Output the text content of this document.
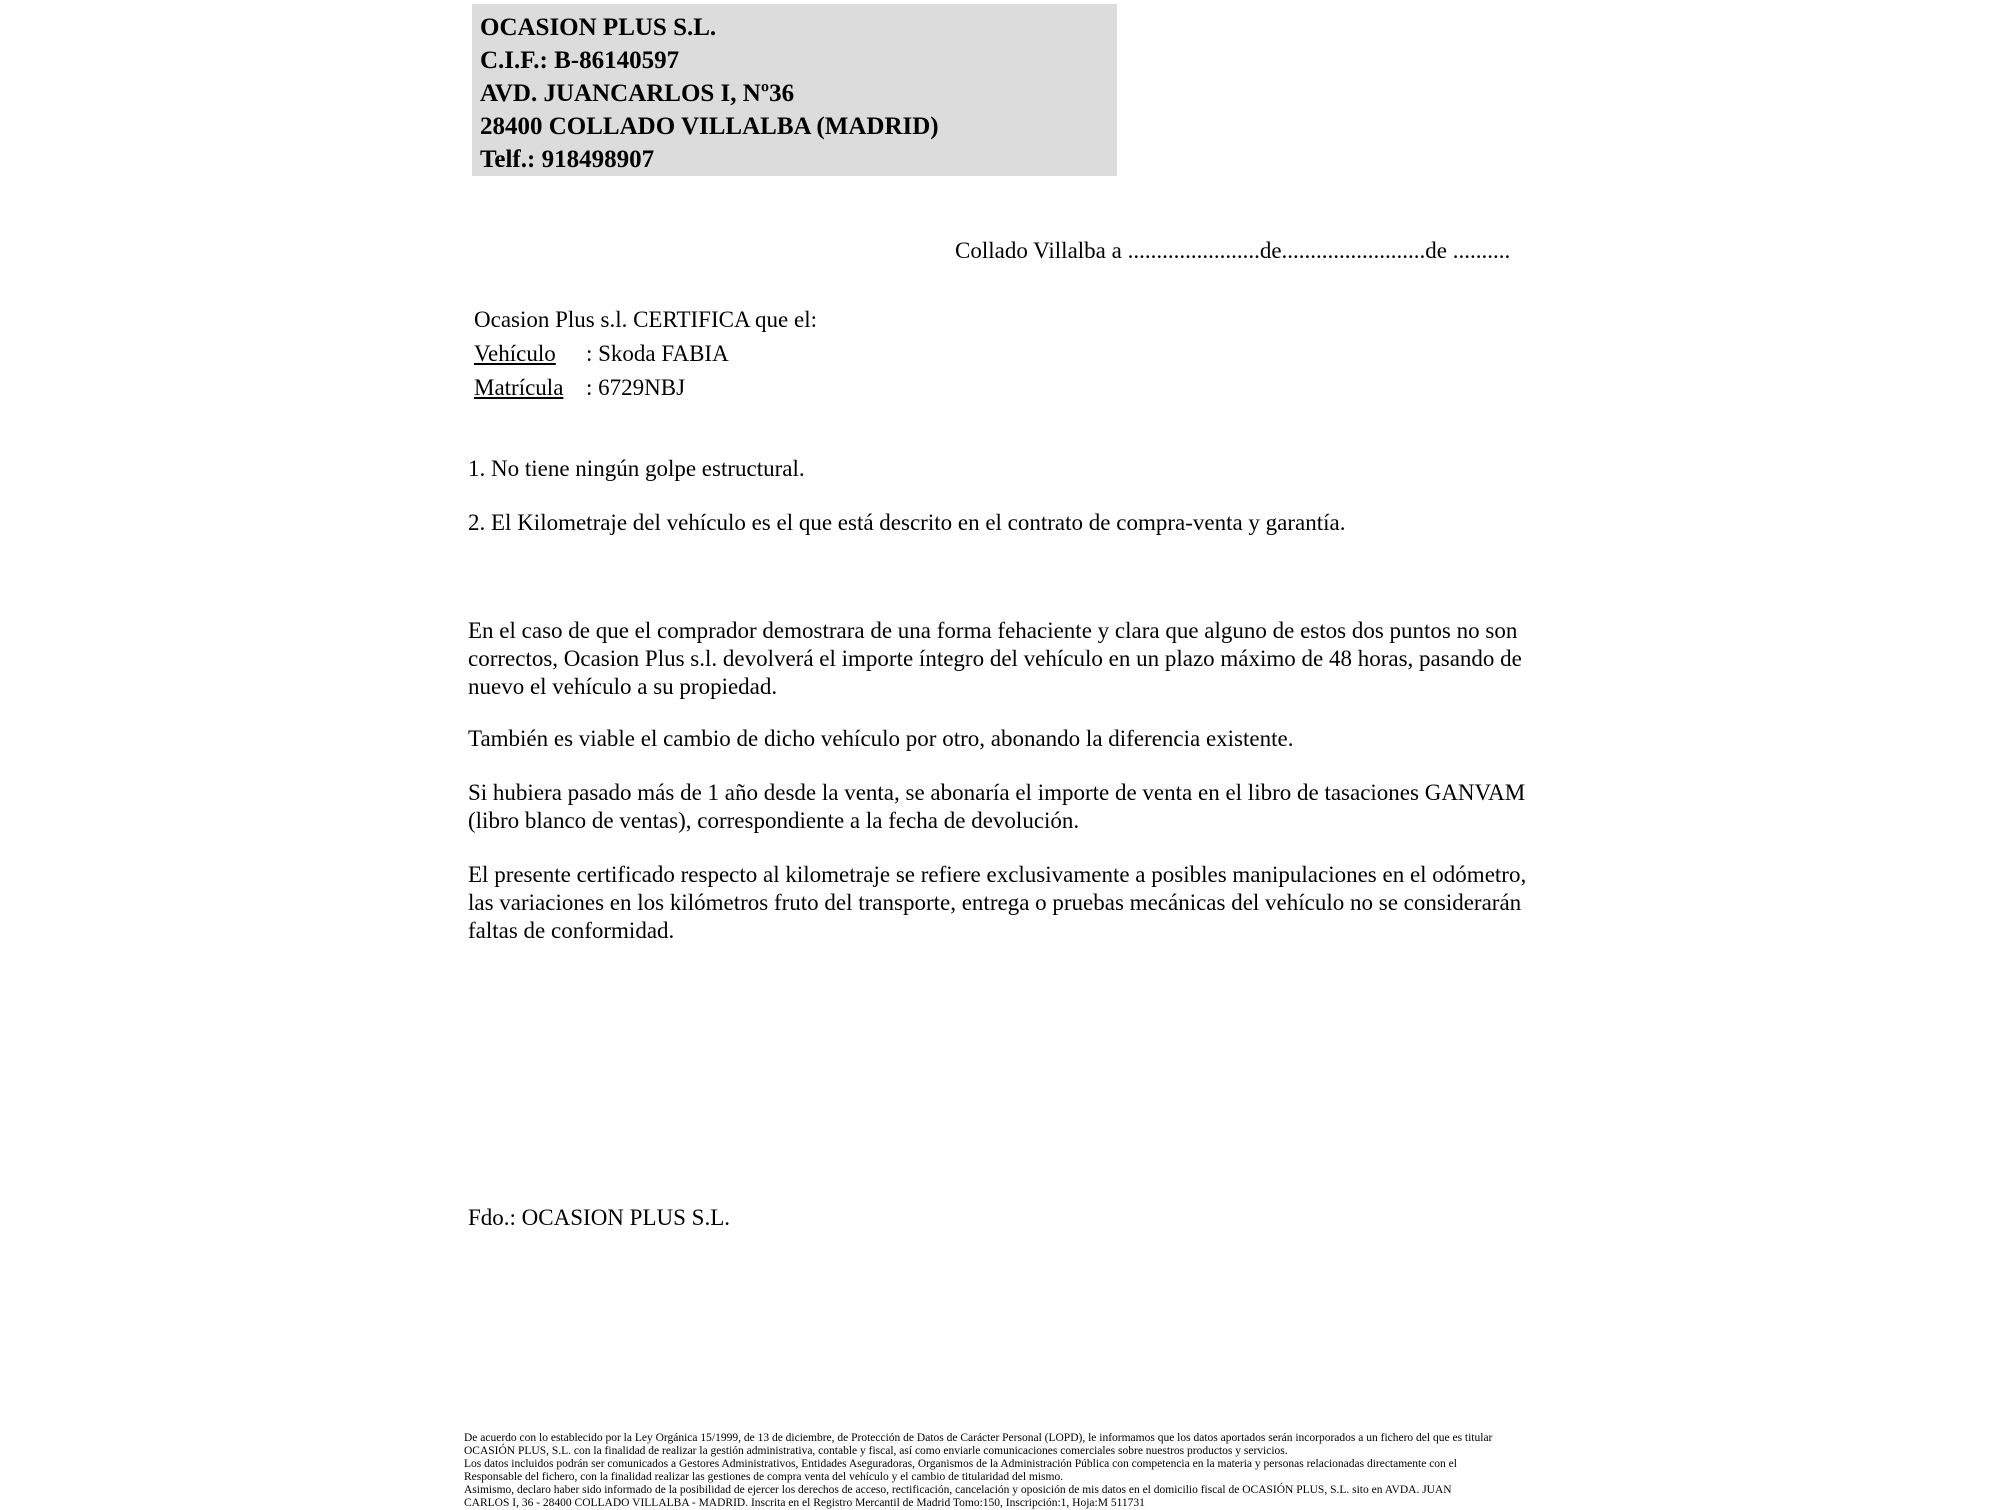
OCASION PLUS S.L.
C.I.F.: B-86140597
AVD. JUANCARLOS I, Nº36
28400 COLLADO VILLALBA (MADRID)
Telf.: 918498907
Collado Villalba a .......................de.........................de ..........
Ocasion Plus s.l. CERTIFICA que el:
Vehículo : Skoda FABIA
Matrícula : 6729NBJ
1. No tiene ningún golpe estructural.
2. El Kilometraje del vehículo es el que está descrito en el contrato de compra-venta y garantía.
En el caso de que el comprador demostrara de una forma fehaciente y clara que alguno de estos dos puntos no son correctos, Ocasion Plus s.l. devolverá el importe íntegro del vehículo en un plazo máximo de 48 horas, pasando de nuevo el vehículo a su propiedad.
También es viable el cambio de dicho vehículo por otro, abonando la diferencia existente.
Si hubiera pasado más de 1 año desde la venta, se abonaría el importe de venta en el libro de tasaciones GANVAM (libro blanco de ventas), correspondiente a la fecha de devolución.
El presente certificado respecto al kilometraje se refiere exclusivamente a posibles manipulaciones en el odómetro, las variaciones en los kilómetros fruto del transporte, entrega o pruebas mecánicas del vehículo no se considerarán faltas de conformidad.
Fdo.: OCASION PLUS S.L.
De acuerdo con lo establecido por la Ley Orgánica 15/1999, de 13 de diciembre, de Protección de Datos de Carácter Personal (LOPD), le informamos que los datos aportados serán incorporados a un fichero del que es titular
OCASIÓN PLUS, S.L. con la finalidad de realizar la gestión administrativa, contable y fiscal, así como enviarle comunicaciones comerciales sobre nuestros productos y servicios.
Los datos incluidos podrán ser comunicados a Gestores Administrativos, Entidades Aseguradoras, Organismos de la Administración Pública con competencia en la materia y personas relacionadas directamente con el
Responsable del fichero, con la finalidad realizar las gestiones de compra venta del vehículo y el cambio de titularidad del mismo.
Asimismo, declaro haber sido informado de la posibilidad de ejercer los derechos de acceso, rectificación, cancelación y oposición de mis datos en el domicilio fiscal de OCASIÓN PLUS, S.L. sito en AVDA. JUAN
CARLOS I, 36 - 28400 COLLADO VILLALBA - MADRID. Inscrita en el Registro Mercantil de Madrid Tomo:150, Inscripción:1, Hoja:M 511731
